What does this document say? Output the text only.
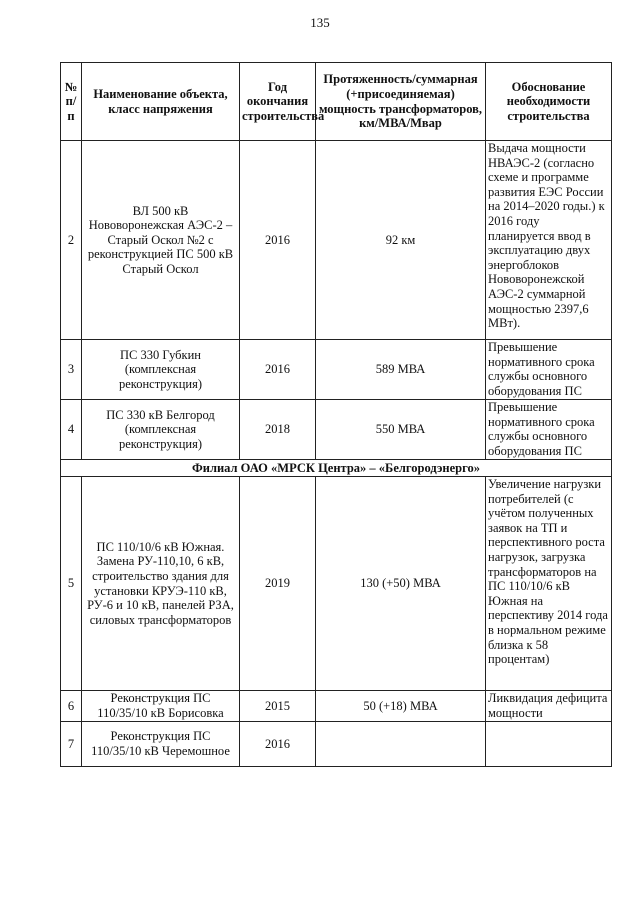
135
№ п/п	Наименование объекта, класс напряжения	Год окончания строительства	Протяженность/суммарная (+присоединяемая) мощность трансформаторов, км/МВА/Мвар	Обоснование необходимости строительства
2	ВЛ 500 кВ Нововоронежская АЭС-2 – Старый Оскол №2 с реконструкцией ПС 500 кВ Старый Оскол	2016	92 км	Выдача мощности НВАЭС-2 (согласно схеме и программе развития ЕЭС России на 2014–2020 годы.) к 2016 году планируется ввод в эксплуатацию двух энергоблоков Нововоронежской АЭС-2 суммарной мощностью 2397,6 МВт).
3	ПС 330 Губкин (комплексная реконструкция)	2016	589 МВА	Превышение нормативного срока службы основного оборудования ПС
4	ПС 330 кВ Белгород (комплексная реконструкция)	2018	550 МВА	Превышение нормативного срока службы основного оборудования ПС
Филиал ОАО «МРСК Центра» – «Белгородэнерго»				
5	ПС 110/10/6 кВ Южная. Замена РУ-110,10, 6 кВ, строительство здания для установки КРУЭ-110 кВ, РУ-6 и 10 кВ, панелей РЗА, силовых трансформаторов	2019	130 (+50) МВА	Увеличение нагрузки потребителей (с учётом полученных заявок на ТП и перспективного роста нагрузок, загрузка трансформаторов на ПС 110/10/6 кВ Южная на перспективу 2014 года в нормальном режиме близка к 58 процентам)
6	Реконструкция ПС 110/35/10 кВ Борисовка	2015	50 (+18) МВА	Ликвидация дефицита мощности
7	Реконструкция ПС 110/35/10 кВ Черемошное	2016		
